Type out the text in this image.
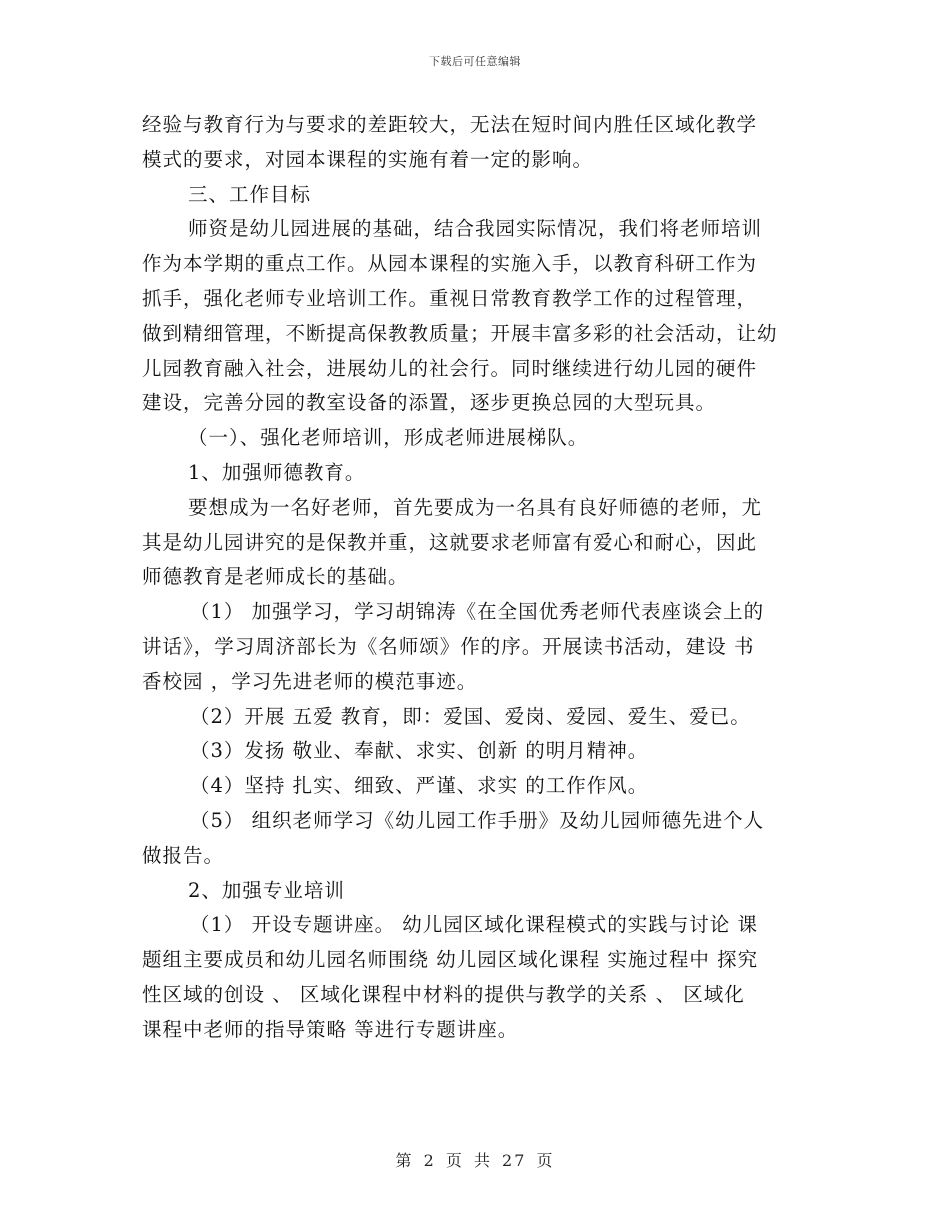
下载后可任意编辑
经验与教育行为与要求的差距较大，无法在短时间内胜任区域化教学
模式的要求，对园本课程的实施有着一定的影响。
三、工作目标
师资是幼儿园进展的基础，结合我园实际情况，我们将老师培训
作为本学期的重点工作。从园本课程的实施入手，以教育科研工作为
抓手，强化老师专业培训工作。重视日常教育教学工作的过程管理，
做到精细管理，不断提高保教教质量；开展丰富多彩的社会活动，让幼
儿园教育融入社会，进展幼儿的社会行。同时继续进行幼儿园的硬件
建设，完善分园的教室设备的添置，逐步更换总园的大型玩具。
（一）、强化老师培训，形成老师进展梯队。
1、加强师德教育。
要想成为一名好老师，首先要成为一名具有良好师德的老师，尤
其是幼儿园讲究的是保教并重，这就要求老师富有爱心和耐心，因此
师德教育是老师成长的基础。
（1） 加强学习，学习胡锦涛《在全国优秀老师代表座谈会上的
讲话》，学习周济部长为《名师颂》作的序。开展读书活动，建设 书
香校园 ，学习先进老师的模范事迹。
（2）开展 五爱 教育，即：爱国、爱岗、爱园、爱生、爱已。
（3）发扬 敬业、奉献、求实、创新 的明月精神。
（4）坚持 扎实、细致、严谨、求实 的工作作风。
（5） 组织老师学习《幼儿园工作手册》及幼儿园师德先进个人
做报告。
2、加强专业培训
（1） 开设专题讲座。 幼儿园区域化课程模式的实践与讨论 课
题组主要成员和幼儿园名师围绕 幼儿园区域化课程 实施过程中 探究
性区域的创设 、 区域化课程中材料的提供与教学的关系 、 区域化
课程中老师的指导策略 等进行专题讲座。
第 2 页 共 27 页
